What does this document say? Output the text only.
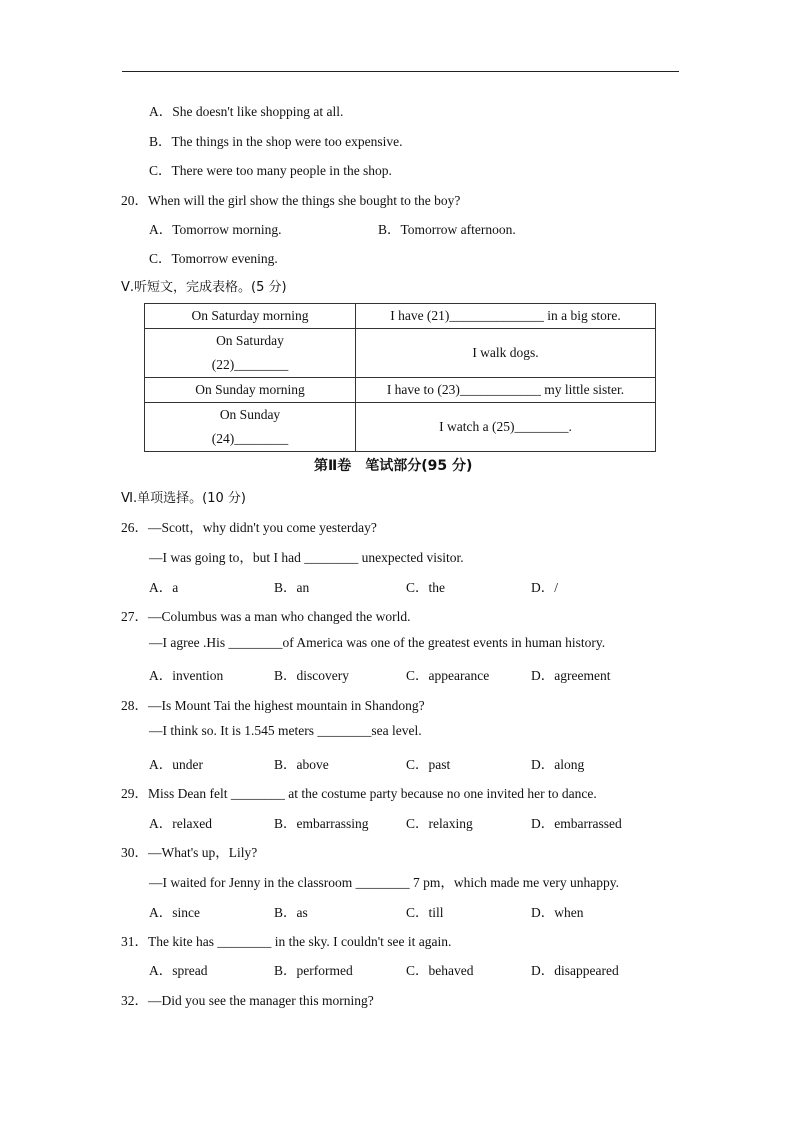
A．She doesn't like shopping at all.
B．The things in the shop were too expensive.
C．There were too many people in the shop.
20．When will the girl show the things she bought to the boy?
A．Tomorrow morning.	B．Tomorrow afternoon.
C．Tomorrow evening.
Ⅴ.听短文，完成表格。(5 分)
On Saturday morning	I have (21)______________ in a big store.

On Saturday
(22)________	I walk dogs.
On Sunday morning	I have to (23)____________ my little sister.

On Sunday
(24)________	I watch a (25)________.
第Ⅱ卷　笔试部分(95 分)
Ⅵ.单项选择。(10 分)
26．—Scott，why didn't you come yesterday?
—I was going to，but I had ________ unexpected visitor.
A．a	B．an	C．the	D．/
27．—Columbus was a man who changed the world.
—I agree .His ________of America was one of the greatest events in human history.
A．invention	B．discovery	C．appearance	D．agreement
28．—Is Mount Tai the highest mountain in Shandong?
—I think so. It is 1.545 meters ________sea level.
A．under	B．above	C．past	D．along
29．Miss Dean felt ________ at the costume party because no one invited her to dance.
A．relaxed	B．embarrassing	C．relaxing	D．embarrassed
30．—What's up，Lily?
—I waited for Jenny in the classroom ________ 7 pm，which made me very unhappy.
A．since	B．as	C．till	D．when
31．The kite has ________ in the sky. I couldn't see it again.
A．spread	B．performed	C．behaved	D．disappeared
32．—Did you see the manager this morning?
